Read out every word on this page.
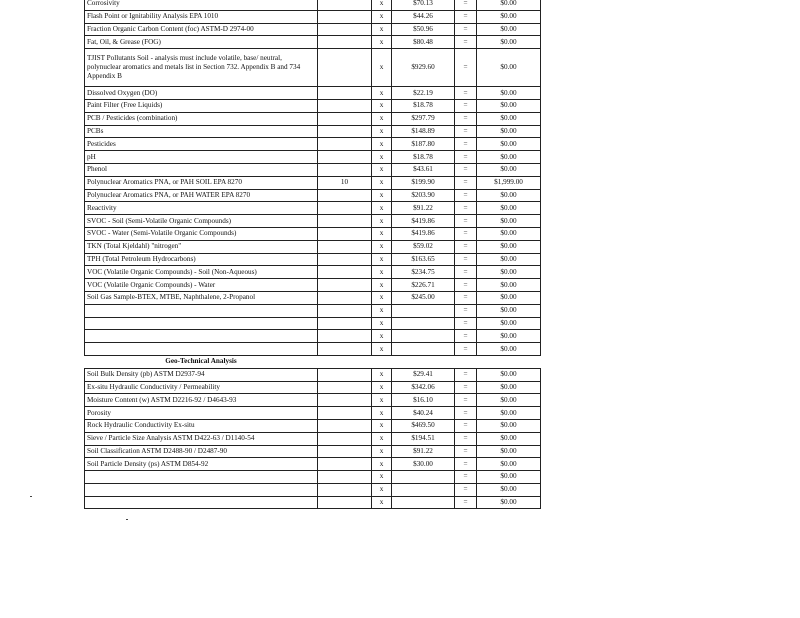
Corrosivity		x	$70.13	=	$0.00
Flash Point or Ignitability Analysis EPA 1010		x	$44.26	=	$0.00
Fraction Organic Carbon Content (foc) ASTM-D 2974-00		x	$50.96	=	$0.00
Fat, Oil, & Grease (FOG)		x	$80.48	=	$0.00
TJIST Pollutants Soil - analysis must include volatile, base/ neutral, polynuclear aromatics and metals list in Section 732. Appendix B and 734 Appendix B		x	$929.60	=	$0.00
Dissolved Oxygen (DO)		x	$22.19	=	$0.00
Paint Filter (Free Liquids)		x	$18.78	=	$0.00
PCB / Pesticides (combination)		x	$297.79	=	$0.00
PCBs		x	$148.89	=	$0.00
Pesticides		x	$187.80	=	$0.00
pH		x	$18.78	=	$0.00
Phenol		x	$43.61	=	$0.00
Polynuclear Aromatics PNA, or PAH SOIL EPA 8270	10	x	$199.90	=	$1,999.00
Polynuclear Aromatics PNA, or PAH WATER EPA 8270		x	$203.90	=	$0.00
Reactivity		x	$91.22	=	$0.00
SVOC - Soil (Semi-Volatile Organic Compounds)		x	$419.86	=	$0.00
SVOC - Water (Semi-Volatile Organic Compounds)		x	$419.86	=	$0.00
TKN (Total Kjeldahl) "nitrogen"		x	$59.02	=	$0.00
TPH (Total Petroleum Hydrocarbons)		x	$163.65	=	$0.00
VOC (Volatile Organic Compounds) - Soil (Non-Aqueous)		x	$234.75	=	$0.00
VOC (Volatile Organic Compounds) - Water		x	$226.71	=	$0.00
Soil Gas Sample-BTEX, MTBE, Naphthalene, 2-Propanol		x	$245.00	=	$0.00
		x		=	$0.00
		x		=	$0.00
		x		=	$0.00
		x		=	$0.00
Geo-Technical Analysis					
Soil Bulk Density (pb) ASTM D2937-94		x	$29.41	=	$0.00
Ex-situ Hydraulic Conductivity / Permeability		x	$342.06	=	$0.00
Moisture Content (w) ASTM D2216-92 / D4643-93		x	$16.10	=	$0.00
Porosity		x	$40.24	=	$0.00
Rock Hydraulic Conductivity Ex-situ		x	$469.50	=	$0.00
Sieve / Particle Size Analysis ASTM D422-63 / D1140-54		x	$194.51	=	$0.00
Soil Classification ASTM D2488-90 / D2487-90		x	$91.22	=	$0.00
Soil Particle Density (ps) ASTM D854-92		x	$30.00	=	$0.00
		x		=	$0.00
		x		=	$0.00
		x		=	$0.00
